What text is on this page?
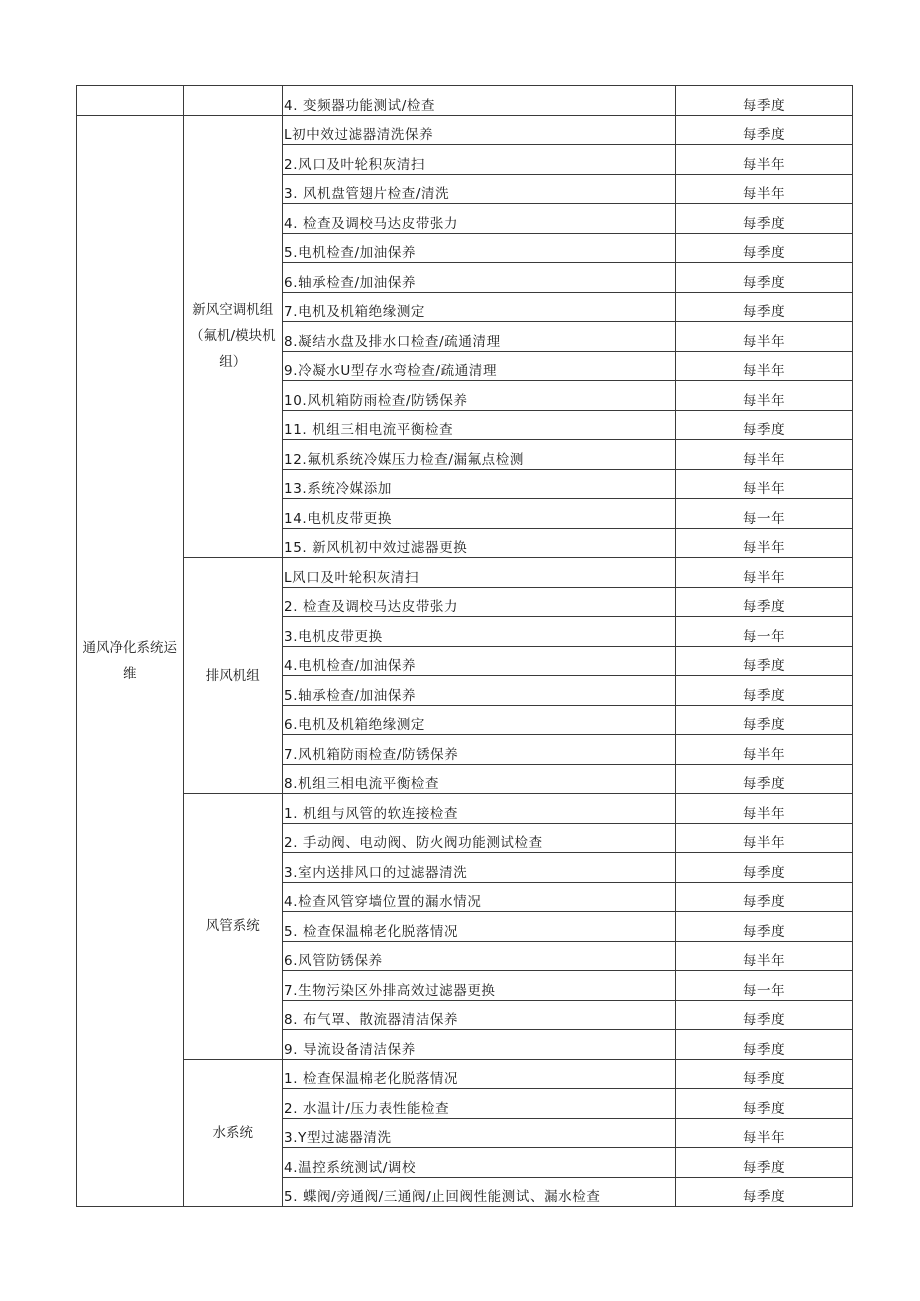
		4. 变频器功能测试/检查	每季度
通风净化系统运维	新风空调机组（氟机/模块机组）	L初中效过滤器清洗保养	每季度
		2.风口及叶轮积灰清扫	每半年
		3. 风机盘管翅片检查/清洗	每半年
		4. 检查及调校马达皮带张力	每季度
		5.电机检查/加油保养	每季度
		6.轴承检查/加油保养	每季度
		7.电机及机箱绝缘测定	每季度
		8.凝结水盘及排水口检查/疏通清理	每半年
		9.冷凝水U型存水弯检查/疏通清理	每半年
		10.风机箱防雨检查/防锈保养	每半年
		11. 机组三相电流平衡检查	每季度
		12.氟机系统冷媒压力检查/漏氟点检测	每半年
		13.系统冷媒添加	每半年
		14.电机皮带更换	每一年
		15. 新风机初中效过滤器更换	每半年
	排风机组	L风口及叶轮积灰清扫	每半年
		2. 检查及调校马达皮带张力	每季度
		3.电机皮带更换	每一年
		4.电机检查/加油保养	每季度
		5.轴承检查/加油保养	每季度
		6.电机及机箱绝缘测定	每季度
		7.风机箱防雨检查/防锈保养	每半年
		8.机组三相电流平衡检查	每季度
	风管系统	1. 机组与风管的软连接检查	每半年
		2. 手动阀、电动阀、防火阀功能测试检查	每半年
		3.室内送排风口的过滤器清洗	每季度
		4.检查风管穿墙位置的漏水情况	每季度
		5. 检查保温棉老化脱落情况	每季度
		6.风管防锈保养	每半年
		7.生物污染区外排高效过滤器更换	每一年
		8. 布气罩、散流器清洁保养	每季度
		9. 导流设备清洁保养	每季度
	水系统	1. 检查保温棉老化脱落情况	每季度
		2. 水温计/压力表性能检查	每季度
		3.Y型过滤器清洗	每半年
		4.温控系统测试/调校	每季度
		5. 蝶阀/旁通阀/三通阀/止回阀性能测试、漏水检查	每季度
